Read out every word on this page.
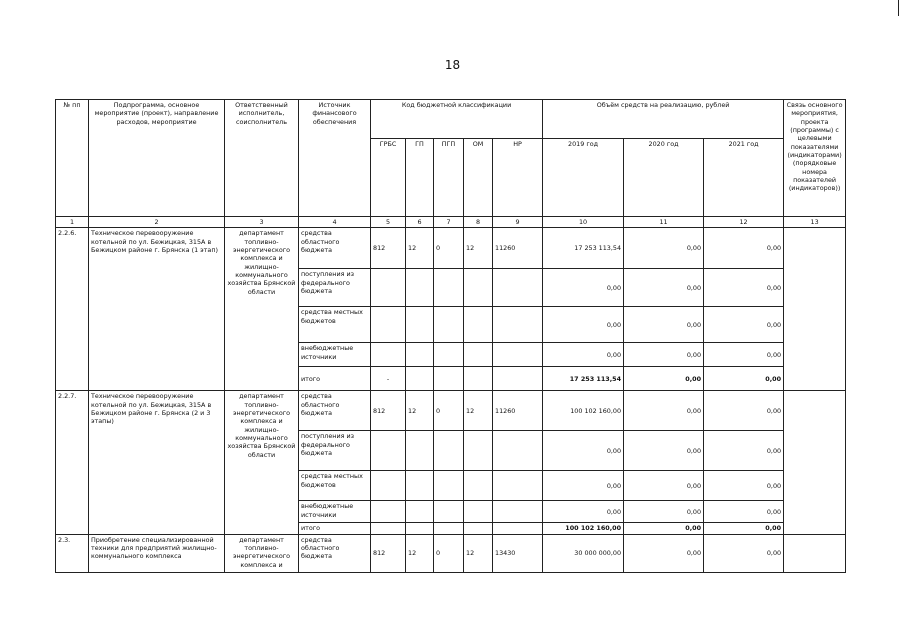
18
№ пп	Подпрограмма, основное мероприятие (проект), направление расходов, мероприятие	Ответственный исполнитель, соисполнитель	Источник финансового обеспечения	Код бюджетной классификации					Объём средств на реализацию, рублей			Связь основного мероприятия, проекта (программы) с целевыми показателями (индикаторами) (порядковые номера показателей (индикаторов))
				ГРБС	ГП	ПГП	ОМ	НР	2019 год	2020 год	2021 год	
1	2	3	4	5	6	7	8	9	10	11	12	13
2.2.6.	Техническое перевооружение котельной по ул. Бежицкая, 315А в Бежицком районе г. Брянска (1 этап)	департамент топливно-энергетического комплекса и жилищно-коммунального хозяйства Брянской области	средства областного бюджета	812	12	0	12	11260	17 253 113,54	0,00	0,00	
			поступления из федерального бюджета						0,00	0,00	0,00	
			средства местных бюджетов						0,00	0,00	0,00	
			внебюджетные источники						0,00	0,00	0,00	
			итого	-					17 253 113,54	0,00	0,00	
2.2.7.	Техническое перевооружение котельной по ул. Бежицкая, 315А в Бежицком районе г. Брянска (2 и 3 этапы)	департамент топливно-энергетического комплекса и жилищно-коммунального хозяйства Брянской области	средства областного бюджета	812	12	0	12	11260	100 102 160,00	0,00	0,00	
			поступления из федерального бюджета						0,00	0,00	0,00	
			средства местных бюджетов						0,00	0,00	0,00	
			внебюджетные источники						0,00	0,00	0,00	
			итого						100 102 160,00	0,00	0,00	
2.3.	Приобретение специализированной техники для предприятий жилищно-коммунального комплекса	департамент топливно-энергетического комплекса и	средства областного бюджета	812	12	0	12	13430	30 000 000,00	0,00	0,00	
